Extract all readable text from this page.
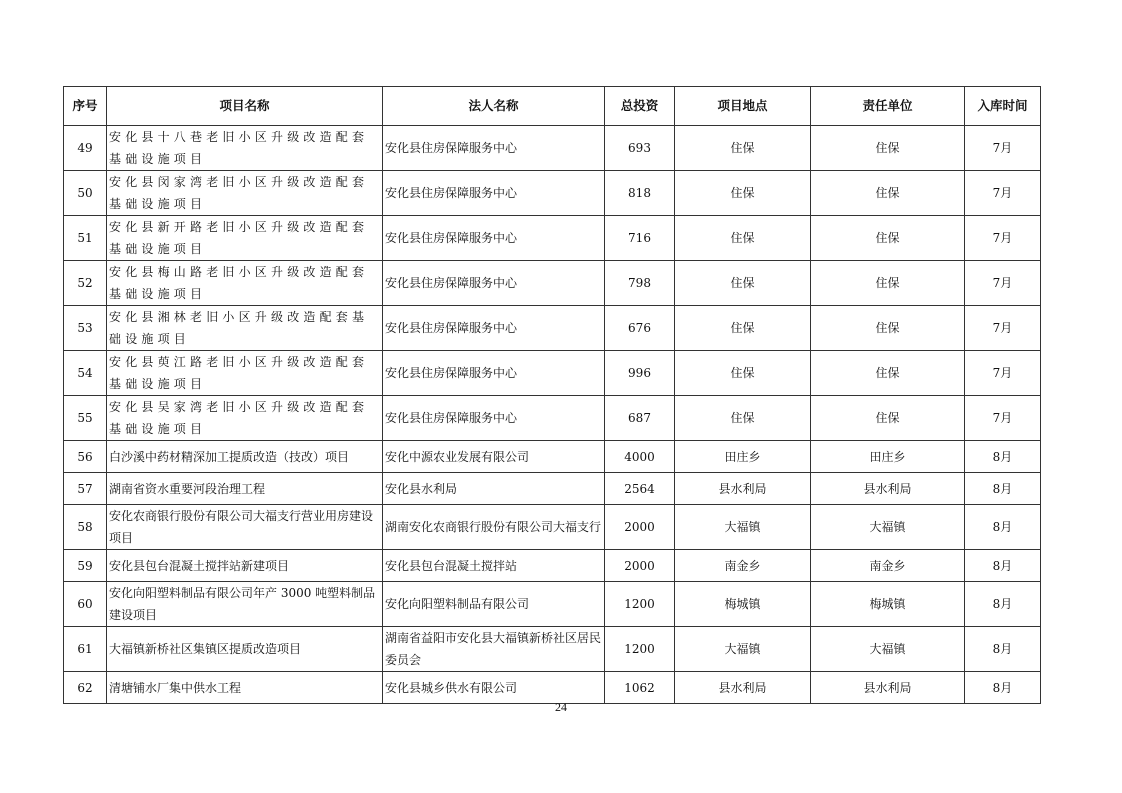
序号	项目名称	法人名称	总投资	项目地点	责任单位	入库时间
49	安化县十八巷老旧小区升级改造配套基础设施项目	安化县住房保障服务中心	693	住保	住保	7月
50	安化县闵家湾老旧小区升级改造配套基础设施项目	安化县住房保障服务中心	818	住保	住保	7月
51	安化县新开路老旧小区升级改造配套基础设施项目	安化县住房保障服务中心	716	住保	住保	7月
52	安化县梅山路老旧小区升级改造配套基础设施项目	安化县住房保障服务中心	798	住保	住保	7月
53	安化县湘林老旧小区升级改造配套基础设施项目	安化县住房保障服务中心	676	住保	住保	7月
54	安化县萸江路老旧小区升级改造配套基础设施项目	安化县住房保障服务中心	996	住保	住保	7月
55	安化县吴家湾老旧小区升级改造配套基础设施项目	安化县住房保障服务中心	687	住保	住保	7月
56	白沙溪中药材精深加工提质改造（技改）项目	安化中源农业发展有限公司	4000	田庄乡	田庄乡	8月
57	湖南省资水重要河段治理工程	安化县水利局	2564	县水利局	县水利局	8月
58	安化农商银行股份有限公司大福支行营业用房建设项目	湖南安化农商银行股份有限公司大福支行	2000	大福镇	大福镇	8月
59	安化县包台混凝土搅拌站新建项目	安化县包台混凝土搅拌站	2000	南金乡	南金乡	8月
60	安化向阳塑料制品有限公司年产 3000 吨塑料制品建设项目	安化向阳塑料制品有限公司	1200	梅城镇	梅城镇	8月
61	大福镇新桥社区集镇区提质改造项目	湖南省益阳市安化县大福镇新桥社区居民委员会	1200	大福镇	大福镇	8月
62	清塘铺水厂集中供水工程	安化县城乡供水有限公司	1062	县水利局	县水利局	8月
24
